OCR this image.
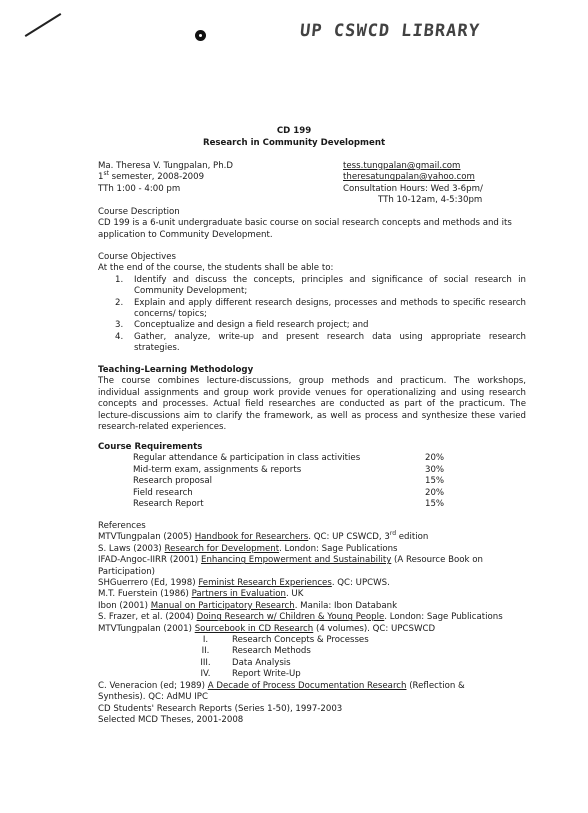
UP CSWCD LIBRARY
CD 199
Research in Community Development
Ma. Theresa V. Tungpalan, Ph.D
1st semester, 2008-2009
TTh 1:00 - 4:00 pm
tess.tungpalan@gmail.com
theresatungpalan@yahoo.com
Consultation Hours: Wed 3-6pm/
TTh 10-12am, 4-5:30pm
Course Description
CD 199 is a 6-unit undergraduate basic course on social research concepts and methods and its application to Community Development.
Course Objectives
At the end of the course, the students shall be able to:
1. Identify and discuss the concepts, principles and significance of social research in Community Development;
2. Explain and apply different research designs, processes and methods to specific research concerns/ topics;
3. Conceptualize and design a field research project; and
4. Gather, analyze, write-up and present research data using appropriate research strategies.
Teaching-Learning Methodology
The course combines lecture-discussions, group methods and practicum. The workshops, individual assignments and group work provide venues for operationalizing and using research concepts and processes. Actual field researches are conducted as part of the practicum. The lecture-discussions aim to clarify the framework, as well as process and synthesize these varied research-related experiences.
Course Requirements
Regular attendance & participation in class activities	20%
Mid-term exam, assignments & reports	30%
Research proposal	15%
Field research	20%
Research Report	15%
References
MTVTungpalan (2005) Handbook for Researchers. QC: UP CSWCD, 3rd edition
S. Laws (2003) Research for Development. London: Sage Publications
IFAD-Angoc-IIRR (2001) Enhancing Empowerment and Sustainability (A Resource Book on
Participation)
SHGuerrero (Ed, 1998) Feminist Research Experiences. QC: UPCWS.
M.T. Fuerstein (1986) Partners in Evaluation. UK
Ibon (2001) Manual on Participatory Research. Manila: Ibon Databank
S. Frazer, et al. (2004) Doing Research w/ Children & Young People. London: Sage Publications
MTVTungpalan (2001) Sourcebook in CD Research (4 volumes). QC: UPCSWCD
I.	Research Concepts & Processes
II.	Research Methods
III.	Data Analysis
IV.	Report Write-Up
C. Veneracion (ed; 1989) A Decade of Process Documentation Research (Reflection &
Synthesis). QC: AdMU IPC
CD Students' Research Reports (Series 1-50), 1997-2003
Selected MCD Theses, 2001-2008
